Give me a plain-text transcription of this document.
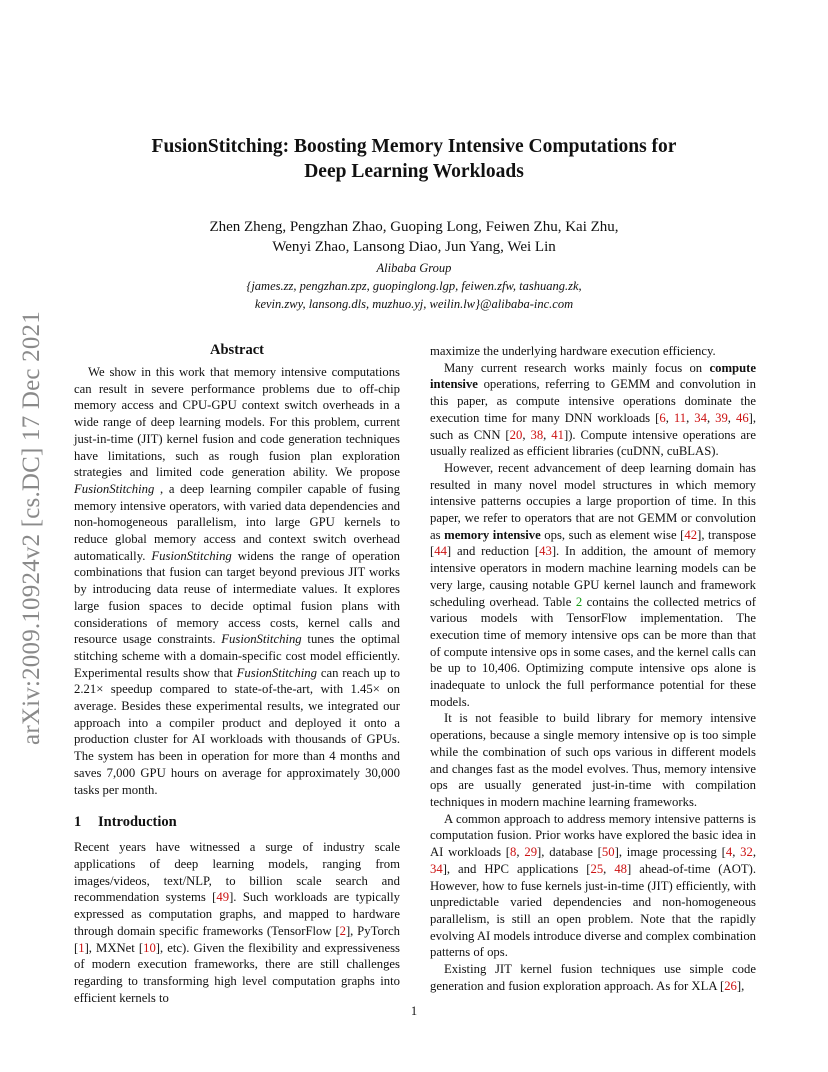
arXiv:2009.10924v2 [cs.DC] 17 Dec 2021
FusionStitching: Boosting Memory Intensive Computations for
Deep Learning Workloads
Zhen Zheng, Pengzhan Zhao, Guoping Long, Feiwen Zhu, Kai Zhu,
Wenyi Zhao, Lansong Diao, Jun Yang, Wei Lin
Alibaba Group
{james.zz, pengzhan.zpz, guopinglong.lgp, feiwen.zfw, tashuang.zk,
kevin.zwy, lansong.dls, muzhuo.yj, weilin.lw}@alibaba-inc.com
Abstract

We show in this work that memory intensive computations can result in severe performance problems due to off-chip memory access and CPU-GPU context switch overheads in a wide range of deep learning models. For this problem, current just-in-time (JIT) kernel fusion and code generation techniques have limitations, such as rough fusion plan exploration strategies and limited code generation ability. We propose FusionStitching , a deep learning compiler capable of fusing memory intensive operators, with varied data dependencies and non-homogeneous parallelism, into large GPU kernels to reduce global memory access and context switch overhead automatically. FusionStitching widens the range of operation combinations that fusion can target beyond previous JIT works by introducing data reuse of intermediate values. It explores large fusion spaces to decide optimal fusion plans with considerations of memory access costs, kernel calls and resource usage constraints. FusionStitching tunes the optimal stitching scheme with a domain-specific cost model efficiently. Experimental results show that FusionStitching can reach up to 2.21× speedup compared to state-of-the-art, with 1.45× on average. Besides these experimental results, we integrated our approach into a compiler product and deployed it onto a production cluster for AI workloads with thousands of GPUs. The system has been in operation for more than 4 months and saves 7,000 GPU hours on average for approximately 30,000 tasks per month.

1 Introduction

Recent years have witnessed a surge of industry scale applications of deep learning models, ranging from images/videos, text/NLP, to billion scale search and recommendation systems [49]. Such workloads are typically expressed as computation graphs, and mapped to hardware through domain specific frameworks (TensorFlow [2], PyTorch [1], MXNet [10], etc). Given the flexibility and expressiveness of modern execution frameworks, there are still challenges regarding to transforming high level computation graphs into efficient kernels to

maximize the underlying hardware execution efficiency.

Many current research works mainly focus on compute intensive operations, referring to GEMM and convolution in this paper, as compute intensive operations dominate the execution time for many DNN workloads [6, 11, 34, 39, 46], such as CNN [20, 38, 41]). Compute intensive operations are usually realized as efficient libraries (cuDNN, cuBLAS).

However, recent advancement of deep learning domain has resulted in many novel model structures in which memory intensive patterns occupies a large proportion of time. In this paper, we refer to operators that are not GEMM or convolution as memory intensive ops, such as element wise [42], transpose [44] and reduction [43]. In addition, the amount of memory intensive operators in modern machine learning models can be very large, causing notable GPU kernel launch and framework scheduling overhead. Table 2 contains the collected metrics of various models with TensorFlow implementation. The execution time of memory intensive ops can be more than that of compute intensive ops in some cases, and the kernel calls can be up to 10,406. Optimizing compute intensive ops alone is inadequate to unlock the full performance potential for these models.

It is not feasible to build library for memory intensive operations, because a single memory intensive op is too simple while the combination of such ops various in different models and changes fast as the model evolves. Thus, memory intensive ops are usually generated just-in-time with compilation techniques in modern machine learning frameworks.

A common approach to address memory intensive patterns is computation fusion. Prior works have explored the basic idea in AI workloads [8, 29], database [50], image processing [4, 32, 34], and HPC applications [25, 48] ahead-of-time (AOT). However, how to fuse kernels just-in-time (JIT) efficiently, with unpredictable varied dependencies and non-homogeneous parallelism, is still an open problem. Note that the rapidly evolving AI models introduce diverse and complex combination patterns of ops.

Existing JIT kernel fusion techniques use simple code generation and fusion exploration approach. As for XLA [26],

1
